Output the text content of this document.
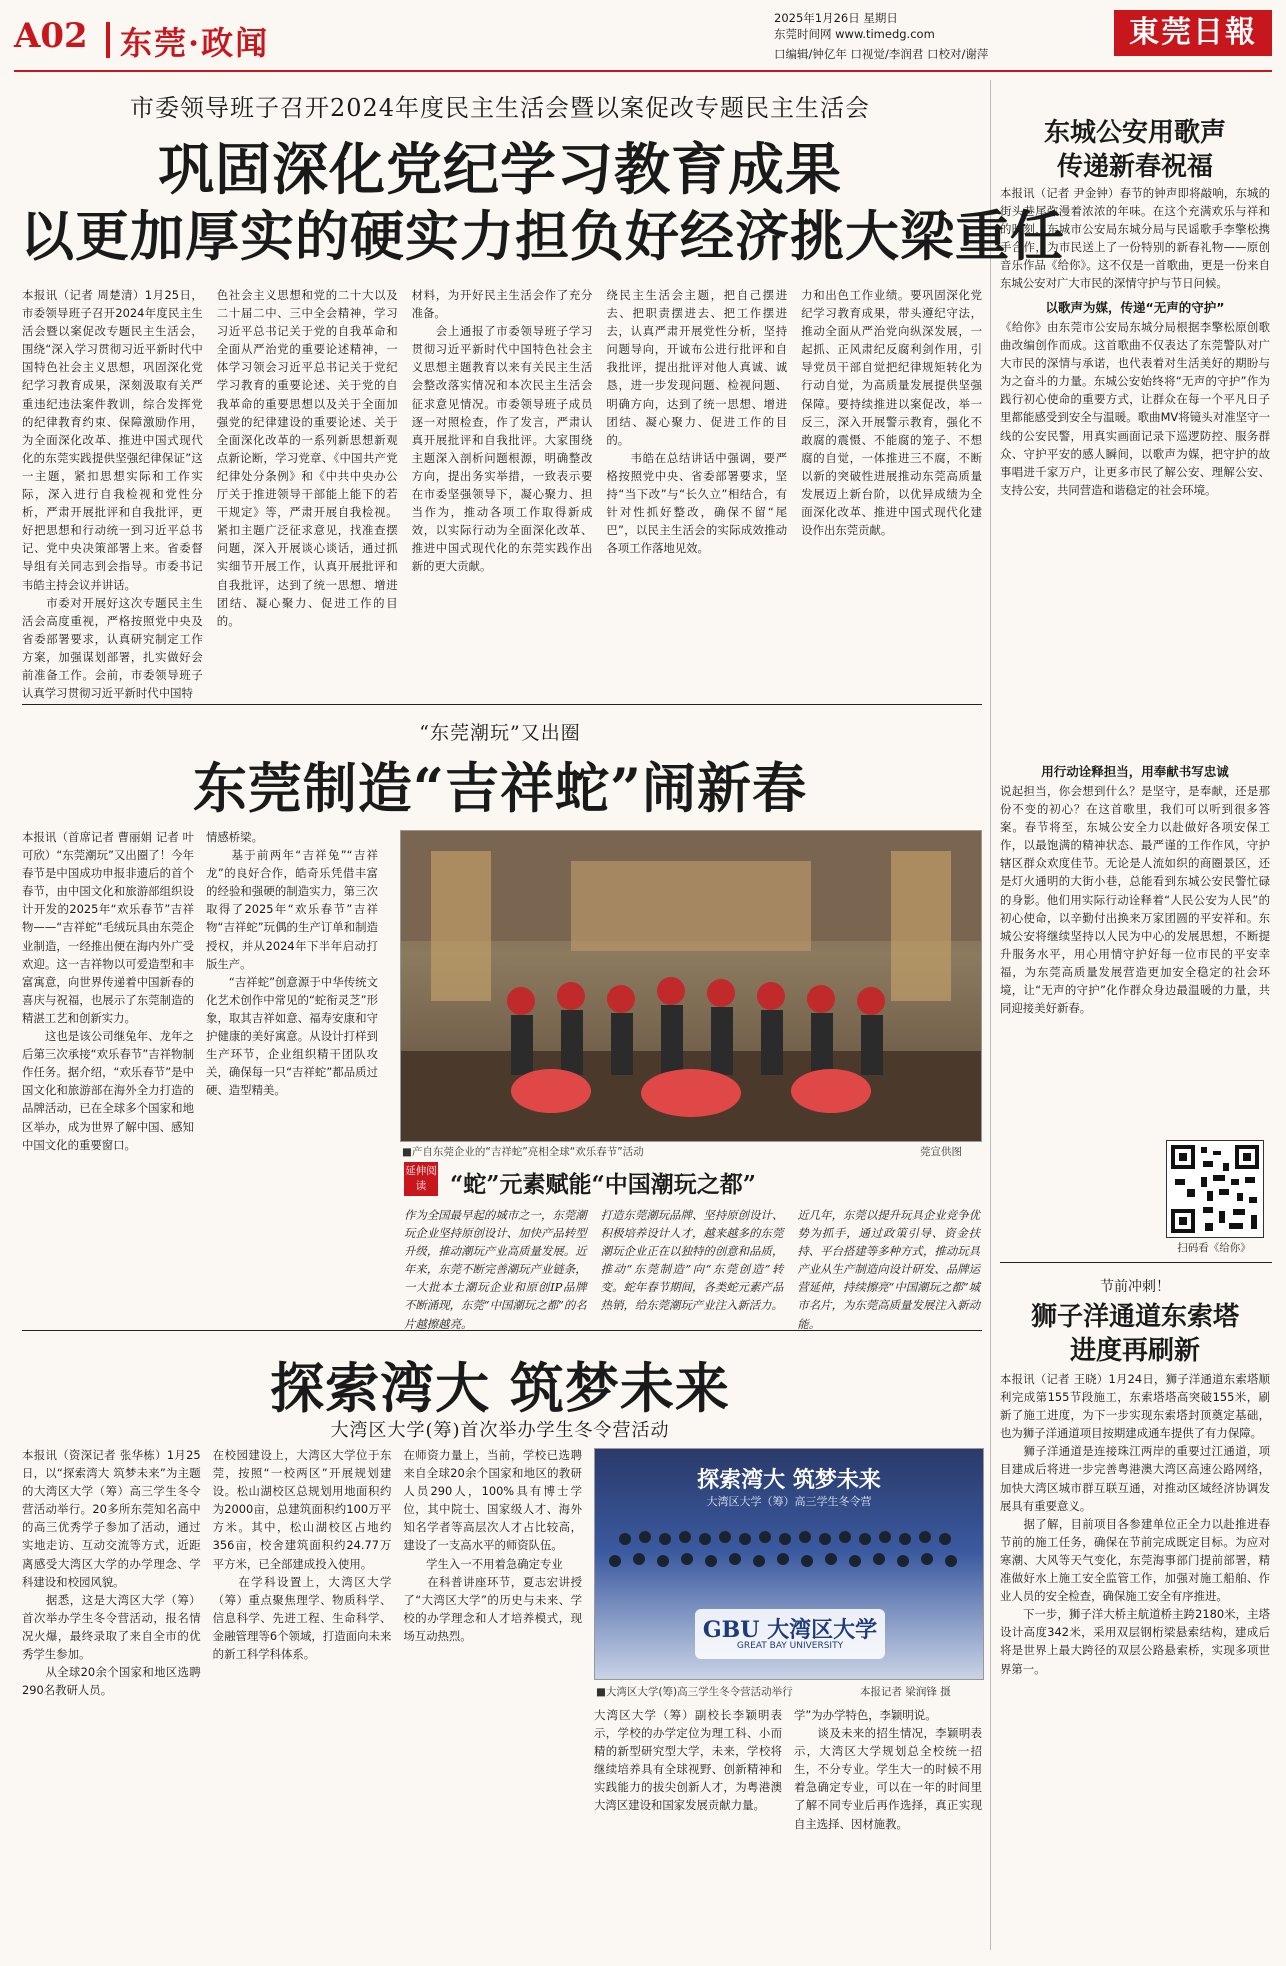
A02 东莞·政闻
2025年1月26日 星期日
东莞时间网 www.timedg.com
口编辑/钟亿年 口视觉/李润君 口校对/谢萍
東莞日報
市委领导班子召开2024年度民主生活会暨以案促改专题民主生活会
巩固深化党纪学习教育成果
以更加厚实的硬实力担负好经济挑大梁重任
本报讯（记者 周楚清）1月25日，市委领导班子召开2024年度民主生活会暨以案促改专题民主生活会，围绕“深入学习贯彻习近平新时代中国特色社会主义思想，巩固深化党纪学习教育成果，深刻汲取有关严重违纪违法案件教训，综合发挥党的纪律教育约束、保障激励作用，为全面深化改革、推进中国式现代化的东莞实践提供坚强纪律保证”这一主题，紧扣思想实际和工作实际，深入进行自我检视和党性分析，严肃开展批评和自我批评，更好把思想和行动统一到习近平总书记、党中央决策部署上来。省委督导组有关同志到会指导。市委书记韦皓主持会议并讲话。
　　市委对开展好这次专题民主生活会高度重视，严格按照党中央及省委部署要求，认真研究制定工作方案，加强谋划部署，扎实做好会前准备工作。会前，市委领导班子认真学习贯彻习近平新时代中国特
色社会主义思想和党的二十大以及二十届二中、三中全会精神，学习习近平总书记关于党的自我革命和全面从严治党的重要论述精神，一体学习领会习近平总书记关于党纪学习教育的重要论述、关于党的自我革命的重要思想以及关于全面加强党的纪律建设的重要论述、关于全面深化改革的一系列新思想新观点新论断，学习党章、《中国共产党纪律处分条例》和《中共中央办公厅关于推进领导干部能上能下的若干规定》等，严肃开展自我检视。紧扣主题广泛征求意见，找准查摆问题，深入开展谈心谈话，通过抓实细节开展工作，认真开展批评和自我批评，达到了统一思想、增进团结、凝心聚力、促进工作的目的。
材料，为开好民主生活会作了充分准备。
　　会上通报了市委领导班子学习贯彻习近平新时代中国特色社会主义思想主题教育以来有关民主生活会整改落实情况和本次民主生活会征求意见情况。市委领导班子成员逐一对照检查，作了发言，严肃认真开展批评和自我批评。大家围绕主题深入剖析问题根源，明确整改方向，提出务实举措，一致表示要在市委坚强领导下，凝心聚力、担当作为，推动各项工作取得新成效，以实际行动为全面深化改革、推进中国式现代化的东莞实践作出新的更大贡献。
绕民主生活会主题，把自己摆进去、把职责摆进去、把工作摆进去，认真严肃开展党性分析，坚持问题导向，开诚布公进行批评和自我批评，提出批评对他人真诚、诚恳，进一步发现问题、检视问题、明确方向，达到了统一思想、增进团结、凝心聚力、促进工作的目的。
　　韦皓在总结讲话中强调，要严格按照党中央、省委部署要求，坚持“当下改”与“长久立”相结合，有针对性抓好整改，确保不留“尾巴”，以民主生活会的实际成效推动各项工作落地见效。
力和出色工作业绩。要巩固深化党纪学习教育成果，带头遵纪守法，推动全面从严治党向纵深发展，一起抓、正风肃纪反腐利剑作用，引导党员干部自觉把纪律规矩转化为行动自觉，为高质量发展提供坚强保障。要持续推进以案促改，举一反三，深入开展警示教育，强化不敢腐的震慑、不能腐的笼子、不想腐的自觉，一体推进三不腐，不断以新的突破性进展推动东莞高质量发展迈上新台阶，以优异成绩为全面深化改革、推进中国式现代化建设作出东莞贡献。
东城公安用歌声
传递新春祝福
本报讯（记者 尹金钟）春节的钟声即将敲响，东城的街头巷尾弥漫着浓浓的年味。在这个充满欢乐与祥和的时刻，东城市公安局东城分局与民谣歌手李擎松携手合作，为市民送上了一份特别的新春礼物——原创音乐作品《给你》。这不仅是一首歌曲，更是一份来自东城公安对广大市民的深情守护与节日问候。
以歌声为媒，传递“无声的守护”
《给你》由东莞市公安局东城分局根据李擎松原创歌曲改编创作而成。这首歌曲不仅表达了东莞警队对广大市民的深情与承诺，也代表着对生活美好的期盼与为之奋斗的力量。东城公安始终将“无声的守护”作为践行初心使命的重要方式，让群众在每一个平凡日子里都能感受到安全与温暖。歌曲MV将镜头对准坚守一线的公安民警，用真实画面记录下巡逻防控、服务群众、守护平安的感人瞬间，以歌声为媒，把守护的故事唱进千家万户，让更多市民了解公安、理解公安、支持公安，共同营造和谐稳定的社会环境。
用行动诠释担当，用奉献书写忠诚
说起担当，你会想到什么？是坚守，是奉献，还是那份不变的初心？在这首歌里，我们可以听到很多答案。春节将至，东城公安全力以赴做好各项安保工作，以最饱满的精神状态、最严谨的工作作风，守护辖区群众欢度佳节。无论是人流如织的商圈景区，还是灯火通明的大街小巷，总能看到东城公安民警忙碌的身影。他们用实际行动诠释着“人民公安为人民”的初心使命，以辛勤付出换来万家团圆的平安祥和。东城公安将继续坚持以人民为中心的发展思想，不断提升服务水平，用心用情守护好每一位市民的平安幸福，为东莞高质量发展营造更加安全稳定的社会环境，让“无声的守护”化作群众身边最温暖的力量，共同迎接美好新春。
扫码看《给你》
“东莞潮玩”又出圈
东莞制造“吉祥蛇”闹新春
本报讯（首席记者 曹丽娟 记者 叶可欣）“东莞潮玩”又出圈了！今年春节是中国成功申报非遗后的首个春节，由中国文化和旅游部组织设计开发的2025年“欢乐春节”吉祥物——“吉祥蛇”毛绒玩具由东莞企业制造，一经推出便在海内外广受欢迎。这一吉祥物以可爱造型和丰富寓意，向世界传递着中国新春的喜庆与祝福，也展示了东莞制造的精湛工艺和创新实力。
　　这也是该公司继兔年、龙年之后第三次承接“欢乐春节”吉祥物制作任务。据介绍，“欢乐春节”是中国文化和旅游部在海外全力打造的品牌活动，已在全球多个国家和地区举办，成为世界了解中国、感知中国文化的重要窗口。
情感桥梁。
　　基于前两年“吉祥兔”“吉祥龙”的良好合作，皓奇乐凭借丰富的经验和强硬的制造实力，第三次取得了2025年“欢乐春节”吉祥物“吉祥蛇”玩偶的生产订单和制造授权，并从2024年下半年启动打版生产。
　　“吉祥蛇”创意源于中华传统文化艺术创作中常见的“蛇衔灵芝”形象，取其吉祥如意、福寿安康和守护健康的美好寓意。从设计打样到生产环节，企业组织精干团队攻关，确保每一只“吉祥蛇”都品质过硬、造型精美。
■产自东莞企业的“吉祥蛇”亮相全球“欢乐春节”活动	莞宣供图
延伸阅读	“蛇”元素赋能“中国潮玩之都”
作为全国最早起的城市之一，东莞潮玩企业坚持原创设计、加快产品转型升级，推动潮玩产业高质量发展。近年来，东莞不断完善潮玩产业链条，一大批本土潮玩企业和原创IP品牌不断涌现，东莞“中国潮玩之都”的名片越擦越亮。
打造东莞潮玩品牌、坚持原创设计、积极培养设计人才，越来越多的东莞潮玩企业正在以独特的创意和品质，推动“东莞制造”向“东莞创造”转变。蛇年春节期间，各类蛇元素产品热销，给东莞潮玩产业注入新活力。
近几年，东莞以提升玩具企业竞争优势为抓手，通过政策引导、资金扶持、平台搭建等多种方式，推动玩具产业从生产制造向设计研发、品牌运营延伸，持续擦亮“中国潮玩之都”城市名片，为东莞高质量发展注入新动能。
探索湾大 筑梦未来
大湾区大学(筹)首次举办学生冬令营活动
本报讯（资深记者 张华栋）1月25日，以“探索湾大 筑梦未来”为主题的大湾区大学（筹）高三学生冬令营活动举行。20多所东莞知名高中的高三优秀学子参加了活动，通过实地走访、互动交流等方式，近距离感受大湾区大学的办学理念、学科建设和校园风貌。
　　据悉，这是大湾区大学（筹）首次举办学生冬令营活动，报名情况火爆，最终录取了来自全市的优秀学生参加。
　　从全球20余个国家和地区选聘290名教研人员。
在校园建设上，大湾区大学位于东莞，按照“一校两区”开展规划建设。松山湖校区总规划用地面积约为2000亩，总建筑面积约100万平方米。其中，松山湖校区占地约356亩，校舍建筑面积约24.77万平方米，已全部建成投入使用。
　　在学科设置上，大湾区大学（筹）重点聚焦理学、物质科学、信息科学、先进工程、生命科学、金融管理等6个领域，打造面向未来的新工科学科体系。
在师资力量上，当前，学校已选聘来自全球20余个国家和地区的教研人员290人，100%具有博士学位，其中院士、国家级人才、海外知名学者等高层次人才占比较高，建设了一支高水平的师资队伍。
　　学生入一不用着急确定专业
　　在科普讲座环节，夏志宏讲授了“大湾区大学”的历史与未来、学校的办学理念和人才培养模式，现场互动热烈。
探索湾大 筑梦未来
大湾区大学（筹）高三学生冬令营
GBU 大湾区大学
GREAT BAY UNIVERSITY
■大湾区大学(筹)高三学生冬令营活动举行	本报记者 梁润锋 摄
大湾区大学（筹）副校长李颖明表示，学校的办学定位为理工科、小而精的新型研究型大学，未来，学校将继续培养具有全球视野、创新精神和实践能力的拔尖创新人才，为粤港澳大湾区建设和国家发展贡献力量。
学”为办学特色，李颖明说。
　　谈及未来的招生情况，李颖明表示，大湾区大学规划总全校统一招生，不分专业。学生大一的时候不用着急确定专业，可以在一年的时间里了解不同专业后再作选择，真正实现自主选择、因材施教。
节前冲刺！
狮子洋通道东索塔
进度再刷新
本报讯（记者 王晓）1月24日，狮子洋通道东索塔顺利完成第155节段施工，东索塔塔高突破155米，刷新了施工进度，为下一步实现东索塔封顶奠定基础，也为狮子洋通道项目按期建成通车提供了有力保障。
　　狮子洋通道是连接珠江两岸的重要过江通道，项目建成后将进一步完善粤港澳大湾区高速公路网络，加快大湾区城市群互联互通，对推动区域经济协调发展具有重要意义。
　　据了解，目前项目各参建单位正全力以赴推进春节前的施工任务，确保在节前完成既定目标。为应对寒潮、大风等天气变化，东莞海事部门提前部署，精准做好水上施工安全监管工作，加强对施工船舶、作业人员的安全检查，确保施工安全有序推进。
　　下一步，狮子洋大桥主航道桥主跨2180米，主塔设计高度342米，采用双层钢桁梁悬索结构，建成后将是世界上最大跨径的双层公路悬索桥，实现多项世界第一。
